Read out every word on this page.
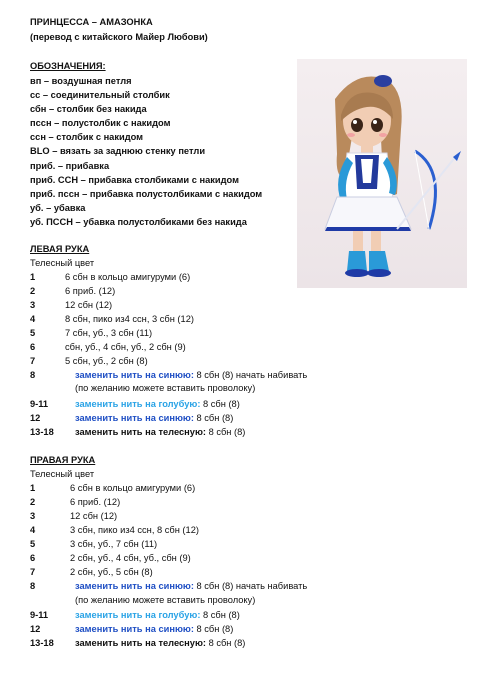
ПРИНЦЕССА – АМАЗОНКА
(перевод с китайского Майер Любови)
ОБОЗНАЧЕНИЯ:
вп – воздушная петля
сс – соединительный столбик
сбн – столбик без накида
пссн – полустолбик с накидом
ссн – столбик с накидом
BLO – вязать за заднюю стенку петли
приб. – прибавка
приб. ССН – прибавка столбиками с накидом
приб. пссн – прибавка полустолбиками с накидом
уб. – убавка
уб. ПССН – убавка полустолбиками без накида
ЛЕВАЯ РУКА
Телесный цвет
1	6 сбн в кольцо амигуруми (6)
2	6 приб. (12)
3	12 сбн (12)
4	8 сбн, пико из4 ссн, 3 сбн (12)
5	7 сбн, уб., 3 сбн (11)
6	сбн, уб., 4 сбн, уб., 2 сбн (9)
7	5 сбн, уб., 2 сбн (8)
8	заменить нить на синюю: 8 сбн (8) начать набивать
(по желанию можете вставить проволоку)
9-11	заменить нить на голубую: 8 сбн (8)
12	заменить нить на синюю: 8 сбн (8)
13-18	заменить нить на телесную: 8 сбн (8)
ПРАВАЯ РУКА
Телесный цвет
1	6 сбн в кольцо амигуруми (6)
2	6 приб. (12)
3	12 сбн (12)
4	3 сбн, пико из4 ссн, 8 сбн (12)
5	3 сбн, уб., 7 сбн (11)
6	2 сбн, уб., 4 сбн, уб., сбн (9)
7	2 сбн, уб., 5 сбн (8)
8	заменить нить на синюю: 8 сбн (8) начать набивать
(по желанию можете вставить проволоку)
9-11	заменить нить на голубую: 8 сбн (8)
12	заменить нить на синюю: 8 сбн (8)
13-18	заменить нить на телесную: 8 сбн (8)
